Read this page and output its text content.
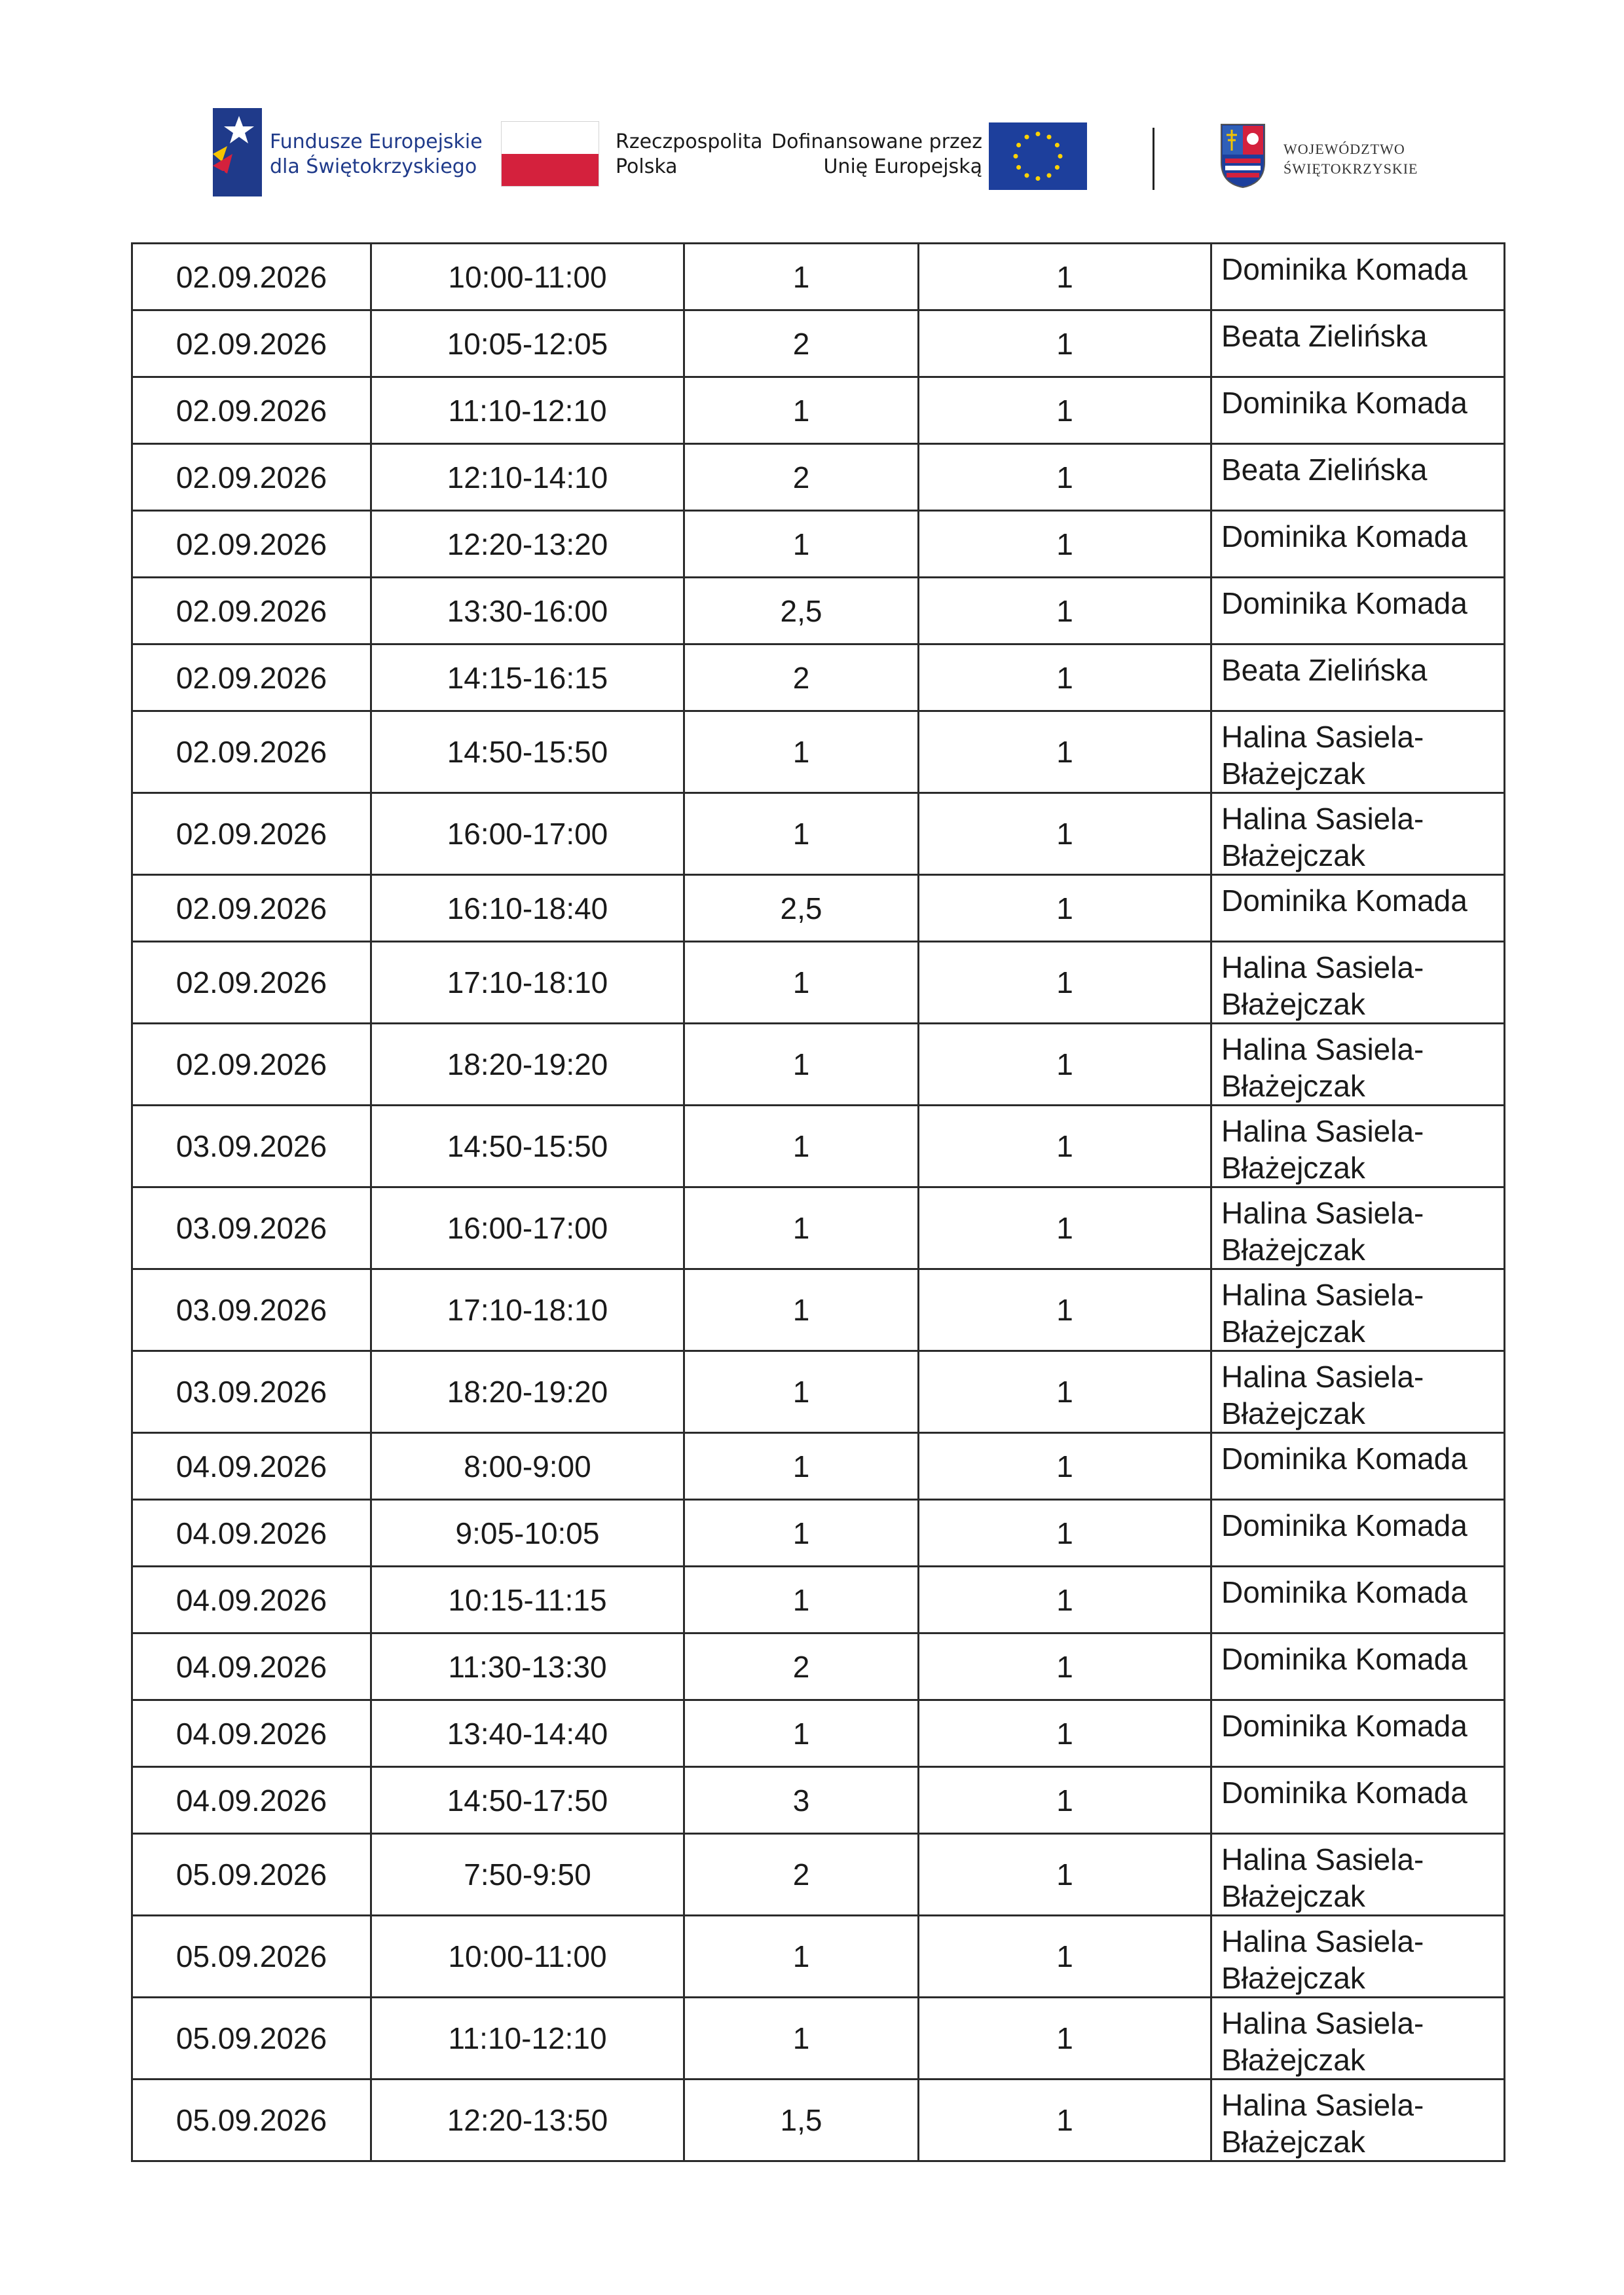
Fundusze Europejskie
dla Świętokrzyskiego
Rzeczpospolita
Polska
Dofinansowane przez
Unię Europejską
WOJEWÓDZTWO
ŚWIĘTOKRZYSKIE
02.09.2026	10:00-11:00	1	1	Dominika Komada

02.09.2026	10:05-12:05	2	1	Beata Zielińska

02.09.2026	11:10-12:10	1	1	Dominika Komada

02.09.2026	12:10-14:10	2	1	Beata Zielińska

02.09.2026	12:20-13:20	1	1	Dominika Komada

02.09.2026	13:30-16:00	2,5	1	Dominika Komada

02.09.2026	14:15-16:15	2	1	Beata Zielińska

02.09.2026	14:50-15:50	1	1	Halina Sasiela-
Błażejczak

02.09.2026	16:00-17:00	1	1	Halina Sasiela-
Błażejczak

02.09.2026	16:10-18:40	2,5	1	Dominika Komada

02.09.2026	17:10-18:10	1	1	Halina Sasiela-
Błażejczak

02.09.2026	18:20-19:20	1	1	Halina Sasiela-
Błażejczak

03.09.2026	14:50-15:50	1	1	Halina Sasiela-
Błażejczak

03.09.2026	16:00-17:00	1	1	Halina Sasiela-
Błażejczak

03.09.2026	17:10-18:10	1	1	Halina Sasiela-
Błażejczak

03.09.2026	18:20-19:20	1	1	Halina Sasiela-
Błażejczak

04.09.2026	8:00-9:00	1	1	Dominika Komada

04.09.2026	9:05-10:05	1	1	Dominika Komada

04.09.2026	10:15-11:15	1	1	Dominika Komada

04.09.2026	11:30-13:30	2	1	Dominika Komada

04.09.2026	13:40-14:40	1	1	Dominika Komada

04.09.2026	14:50-17:50	3	1	Dominika Komada

05.09.2026	7:50-9:50	2	1	Halina Sasiela-
Błażejczak

05.09.2026	10:00-11:00	1	1	Halina Sasiela-
Błażejczak

05.09.2026	11:10-12:10	1	1	Halina Sasiela-
Błażejczak

05.09.2026	12:20-13:50	1,5	1	Halina Sasiela-
Błażejczak
